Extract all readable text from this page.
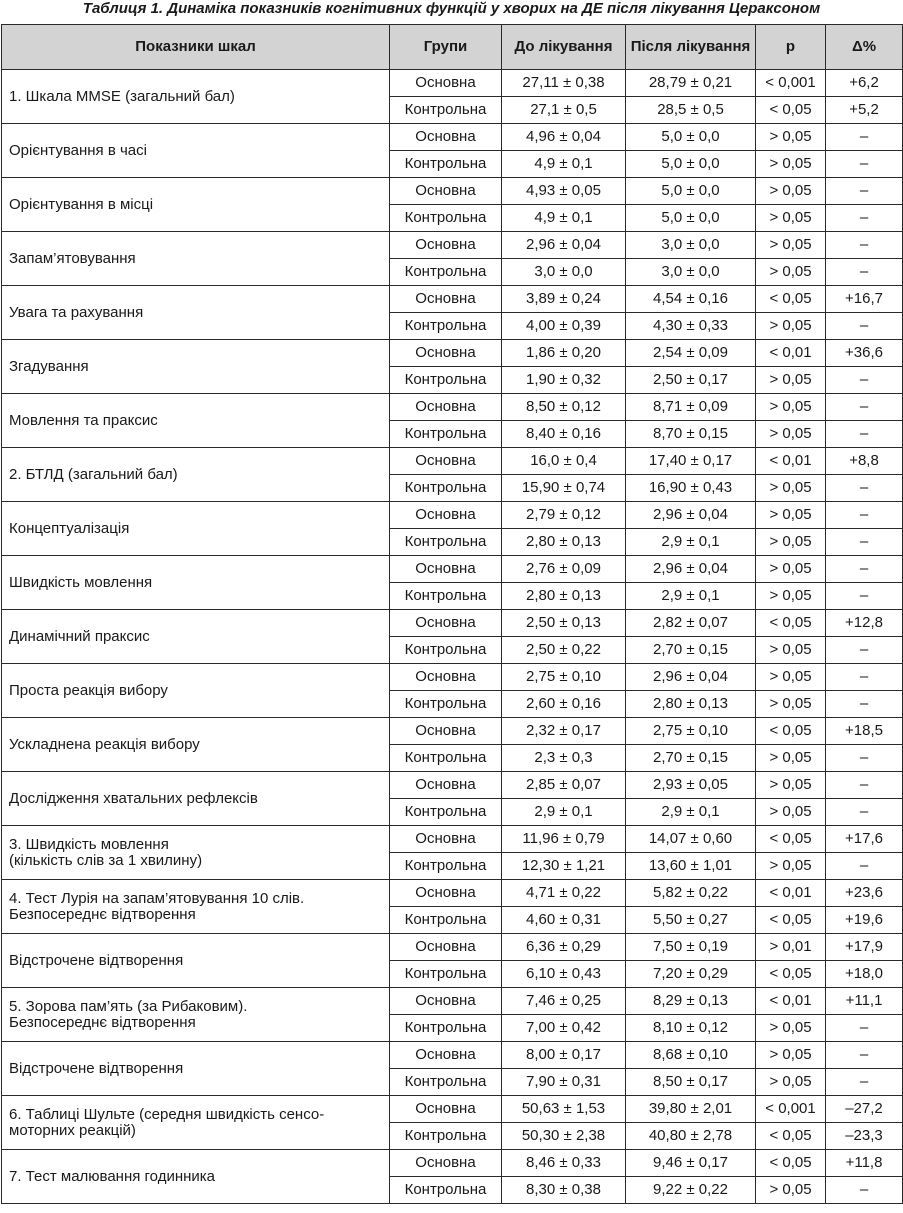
Таблиця 1. Динаміка показників когнітивних функцій у хворих на ДЕ після лікування Цераксоном
Показники шкал	Групи	До лікування	Після лікування	р	Δ%
1. Шкала MMSE (загальний бал)	Основна	27,11 ± 0,38	28,79 ± 0,21	< 0,001	+6,2
	Контрольна	27,1 ± 0,5	28,5 ± 0,5	< 0,05	+5,2
Орієнтування в часі	Основна	4,96 ± 0,04	5,0 ± 0,0	> 0,05	–
	Контрольна	4,9 ± 0,1	5,0 ± 0,0	> 0,05	–
Орієнтування в місці	Основна	4,93 ± 0,05	5,0 ± 0,0	> 0,05	–
	Контрольна	4,9 ± 0,1	5,0 ± 0,0	> 0,05	–
Запам’ятовування	Основна	2,96 ± 0,04	3,0 ± 0,0	> 0,05	–
	Контрольна	3,0 ± 0,0	3,0 ± 0,0	> 0,05	–
Увага та рахування	Основна	3,89 ± 0,24	4,54 ± 0,16	< 0,05	+16,7
	Контрольна	4,00 ± 0,39	4,30 ± 0,33	> 0,05	–
Згадування	Основна	1,86 ± 0,20	2,54 ± 0,09	< 0,01	+36,6
	Контрольна	1,90 ± 0,32	2,50 ± 0,17	> 0,05	–
Мовлення та праксис	Основна	8,50 ± 0,12	8,71 ± 0,09	> 0,05	–
	Контрольна	8,40 ± 0,16	8,70 ± 0,15	> 0,05	–
2. БТЛД (загальний бал)	Основна	16,0 ± 0,4	17,40 ± 0,17	< 0,01	+8,8
	Контрольна	15,90 ± 0,74	16,90 ± 0,43	> 0,05	–
Концептуалізація	Основна	2,79 ± 0,12	2,96 ± 0,04	> 0,05	–
	Контрольна	2,80 ± 0,13	2,9 ± 0,1	> 0,05	–
Швидкість мовлення	Основна	2,76 ± 0,09	2,96 ± 0,04	> 0,05	–
	Контрольна	2,80 ± 0,13	2,9 ± 0,1	> 0,05	–
Динамічний праксис	Основна	2,50 ± 0,13	2,82 ± 0,07	< 0,05	+12,8
	Контрольна	2,50 ± 0,22	2,70 ± 0,15	> 0,05	–
Проста реакція вибору	Основна	2,75 ± 0,10	2,96 ± 0,04	> 0,05	–
	Контрольна	2,60 ± 0,16	2,80 ± 0,13	> 0,05	–
Ускладнена реакція вибору	Основна	2,32 ± 0,17	2,75 ± 0,10	< 0,05	+18,5
	Контрольна	2,3 ± 0,3	2,70 ± 0,15	> 0,05	–
Дослідження хватальних рефлексів	Основна	2,85 ± 0,07	2,93 ± 0,05	> 0,05	–
	Контрольна	2,9 ± 0,1	2,9 ± 0,1	> 0,05	–
3. Швидкість мовлення
(кількість слів за 1 хвилину)	Основна	11,96 ± 0,79	14,07 ± 0,60	< 0,05	+17,6
	Контрольна	12,30 ± 1,21	13,60 ± 1,01	> 0,05	–
4. Тест Лурія на запам’ятовування 10 слів.
Безпосереднє відтворення	Основна	4,71 ± 0,22	5,82 ± 0,22	< 0,01	+23,6
	Контрольна	4,60 ± 0,31	5,50 ± 0,27	< 0,05	+19,6
Відстрочене відтворення	Основна	6,36 ± 0,29	7,50 ± 0,19	> 0,01	+17,9
	Контрольна	6,10 ± 0,43	7,20 ± 0,29	< 0,05	+18,0
5. Зорова пам’ять (за Рибаковим).
Безпосереднє відтворення	Основна	7,46 ± 0,25	8,29 ± 0,13	< 0,01	+11,1
	Контрольна	7,00 ± 0,42	8,10 ± 0,12	> 0,05	–
Відстрочене відтворення	Основна	8,00 ± 0,17	8,68 ± 0,10	> 0,05	–
	Контрольна	7,90 ± 0,31	8,50 ± 0,17	> 0,05	–
6. Таблиці Шульте (середня швидкість сенсо-
моторних реакцій)	Основна	50,63 ± 1,53	39,80 ± 2,01	< 0,001	–27,2
	Контрольна	50,30 ± 2,38	40,80 ± 2,78	< 0,05	–23,3
7. Тест малювання годинника	Основна	8,46 ± 0,33	9,46 ± 0,17	< 0,05	+11,8
	Контрольна	8,30 ± 0,38	9,22 ± 0,22	> 0,05	–
